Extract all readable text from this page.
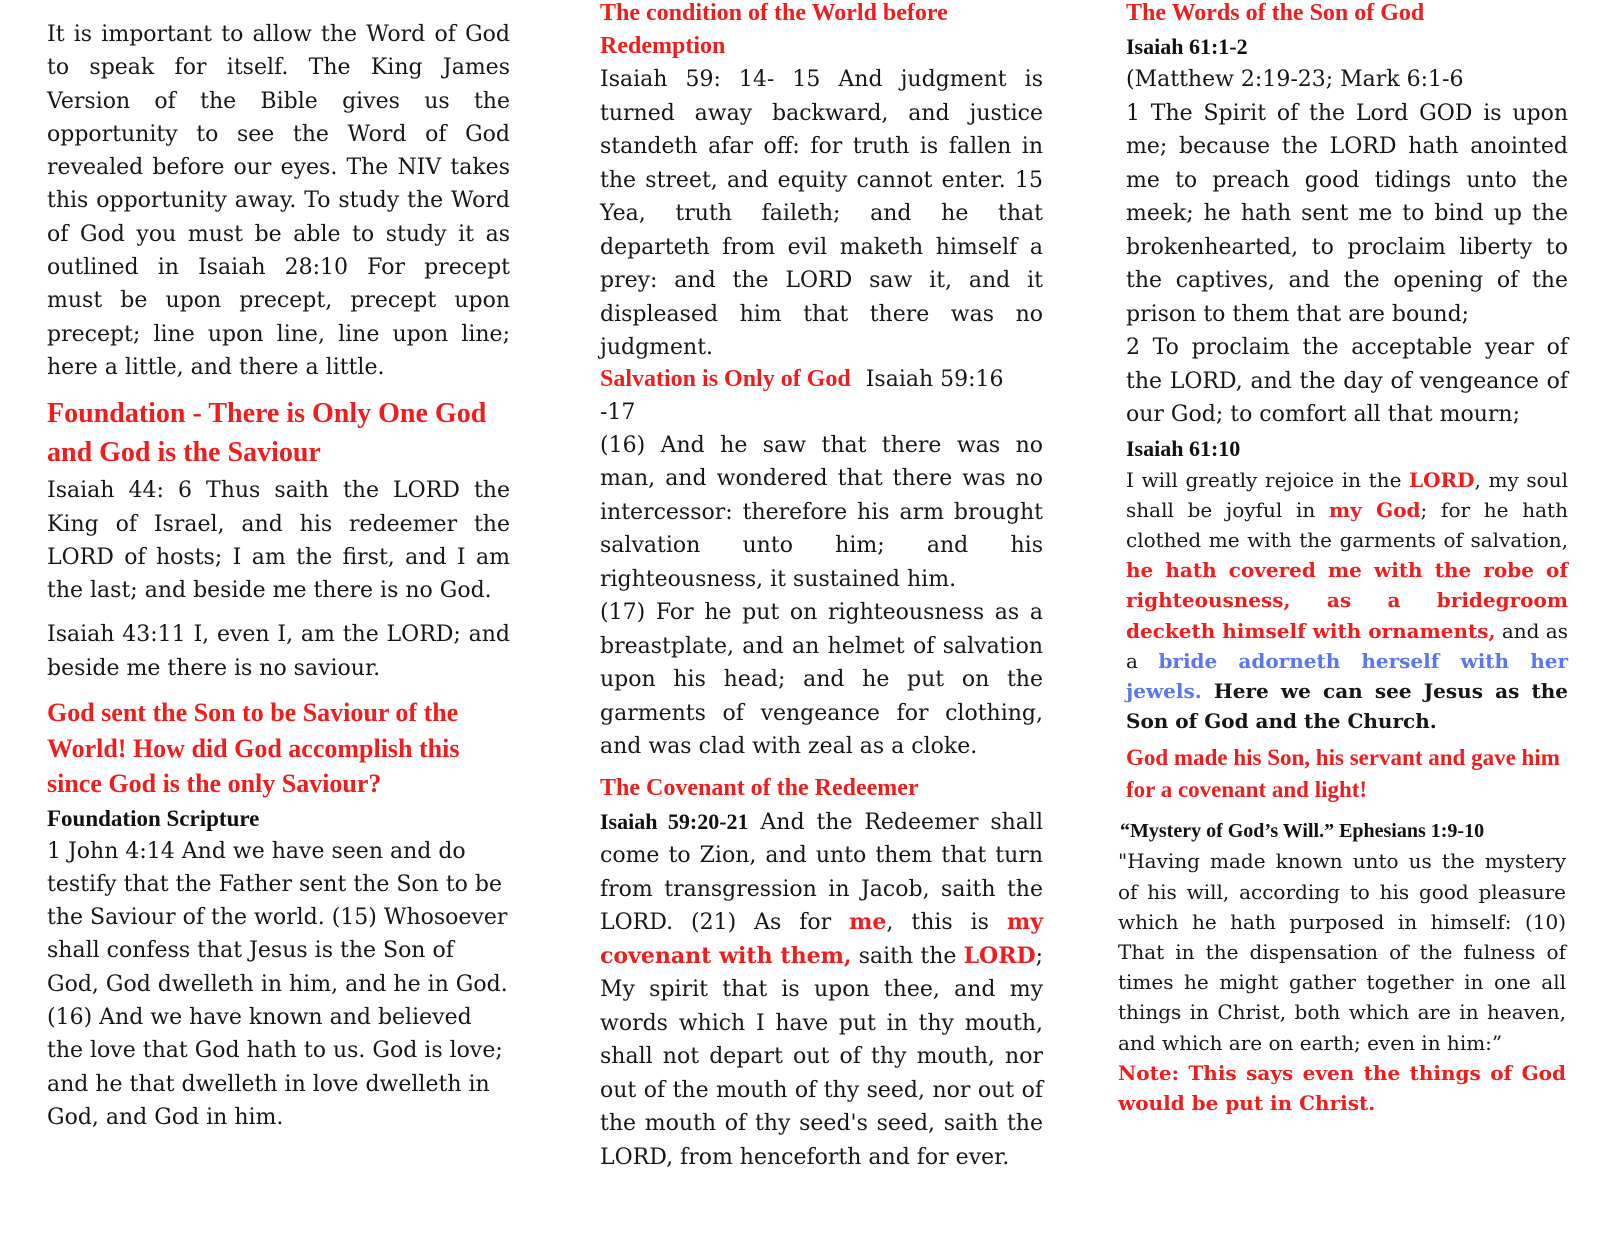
It is important to allow the Word of God to speak for itself. The King James Version of the Bible gives us the opportunity to see the Word of God revealed before our eyes. The NIV takes this opportunity away. To study the Word of God you must be able to study it as outlined in Isaiah 28:10 For precept must be upon precept, precept upon precept; line upon line, line upon line; here a little, and there a little.

Foundation - There is Only One God and God is the Saviour

Isaiah 44: 6 Thus saith the LORD the King of Israel, and his redeemer the LORD of hosts; I am the first, and I am the last; and beside me there is no God.

Isaiah 43:11 I, even I, am the LORD; and beside me there is no saviour.

God sent the Son to be Saviour of the World! How did God accomplish this since God is the only Saviour?
Foundation Scripture

1 John 4:14 And we have seen and do testify that the Father sent the Son to be the Saviour of the world. (15) Whosoever shall confess that Jesus is the Son of God, God dwelleth in him, and he in God. (16) And we have known and believed the love that God hath to us. God is love; and he that dwelleth in love dwelleth in God, and God in him.

The condition of the World before Redemption

Isaiah 59: 14- 15 And judgment is turned away backward, and justice standeth afar off: for truth is fallen in the street, and equity cannot enter. 15 Yea, truth faileth; and he that departeth from evil maketh himself a prey: and the LORD saw it, and it displeased him that there was no judgment.

Salvation is Only of God Isaiah 59:16 -17

(16) And he saw that there was no man, and wondered that there was no intercessor: therefore his arm brought salvation unto him; and his righteousness, it sustained him.

(17) For he put on righteousness as a breastplate, and an helmet of salvation upon his head; and he put on the garments of vengeance for clothing, and was clad with zeal as a cloke.

The Covenant of the Redeemer

Isaiah 59:20-21 And the Redeemer shall come to Zion, and unto them that turn from transgression in Jacob, saith the LORD. (21) As for me, this is my covenant with them, saith the LORD; My spirit that is upon thee, and my words which I have put in thy mouth, shall not depart out of thy mouth, nor out of the mouth of thy seed, nor out of the mouth of thy seed's seed, saith the LORD, from henceforth and for ever.

The Words of the Son of God
Isaiah 61:1-2

(Matthew 2:19-23; Mark 6:1-6

1 The Spirit of the Lord GOD is upon me; because the LORD hath anointed me to preach good tidings unto the meek; he hath sent me to bind up the brokenhearted, to proclaim liberty to the captives, and the opening of the prison to them that are bound;

2 To proclaim the acceptable year of the LORD, and the day of vengeance of our God; to comfort all that mourn;

Isaiah 61:10

I will greatly rejoice in the LORD, my soul shall be joyful in my God; for he hath clothed me with the garments of salvation, he hath covered me with the robe of righteousness, as a bridegroom decketh himself with ornaments, and as a bride adorneth herself with her jewels. Here we can see Jesus as the Son of God and the Church.

God made his Son, his servant and gave him for a covenant and light!
“Mystery of God’s Will.” Ephesians 1:9-10

"Having made known unto us the mystery of his will, according to his good pleasure which he hath purposed in himself: (10) That in the dispensation of the fulness of times he might gather together in one all things in Christ, both which are in heaven, and which are on earth; even in him:”

Note: This says even the things of God would be put in Christ.
